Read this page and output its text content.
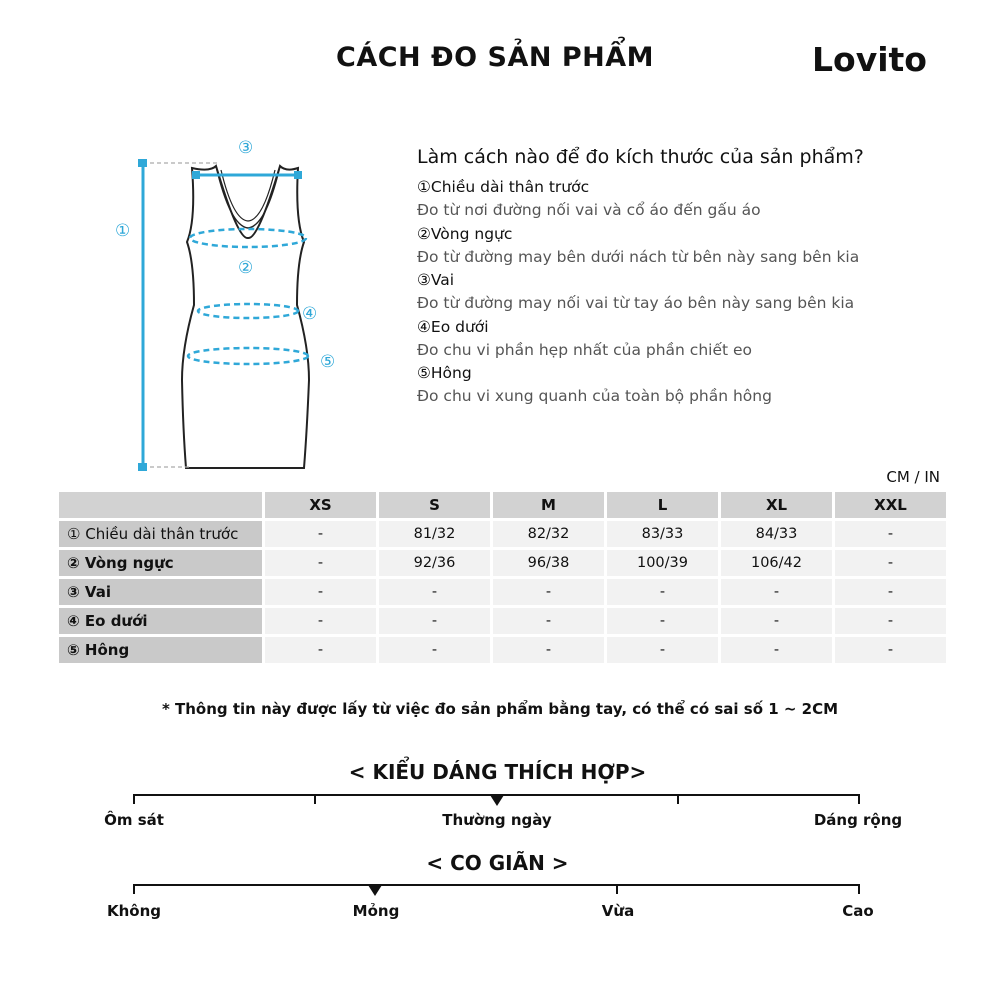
CÁCH ĐO SẢN PHẨM	Lovito
①
②
③
④
⑤
Làm cách nào để đo kích thước của sản phẩm?
①Chiều dài thân trước
Đo từ nơi đường nối vai và cổ áo đến gấu áo
②Vòng ngực
Đo từ đường may bên dưới nách từ bên này sang bên kia
③Vai
Đo từ đường may nối vai từ tay áo bên này sang bên kia
④Eo dưới
Đo chu vi phần hẹp nhất của phần chiết eo
⑤Hông
Đo chu vi xung quanh của toàn bộ phần hông
CM / IN
	XS	S	M	L	XL	XXL
① Chiều dài thân trước	-	81/32	82/32	83/33	84/33	-
② Vòng ngực	-	92/36	96/38	100/39	106/42	-
③ Vai	-	-	-	-	-	-
④ Eo dưới	-	-	-	-	-	-
⑤ Hông	-	-	-	-	-	-
* Thông tin này được lấy từ việc đo sản phẩm bằng tay, có thể có sai số 1 ~ 2CM
< KIỂU DÁNG THÍCH HỢP>
Ôm sát	Thường ngày	Dáng rộng
< CO GIÃN >
Không	Mỏng	Vừa	Cao
